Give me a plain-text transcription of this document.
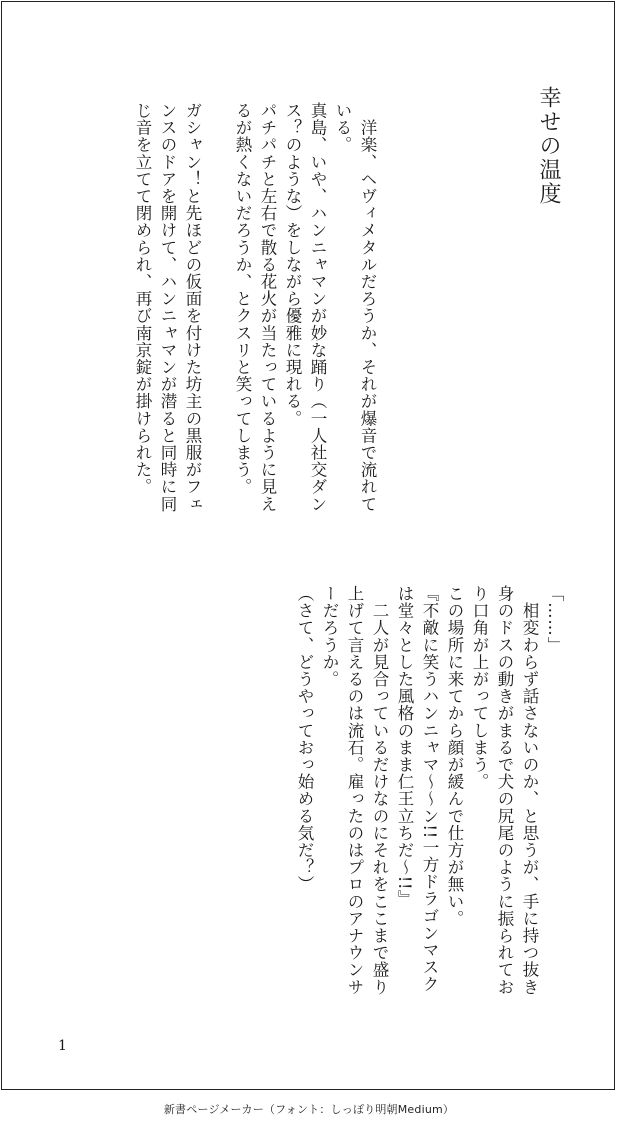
幸せの温度

　洋楽、ヘヴィメタルだろうか、それが爆音で流れている。

真島、いや、ハンニャマンが妙な踊り（一人社交ダンス？のような）をしながら優雅に現れる。

パチパチと左右で散る花火が当たっているように見えるが熱くないだろうか、とクスリと笑ってしまう。

ガシャン！と先ほどの仮面を付けた坊主の黒服がフェンスのドアを開けて、ハンニャマンが潜ると同時に同じ音を立てて閉められ、再び南京錠が掛けられた。

「……」

　相変わらず話さないのか、と思うが、手に持つ抜き身のドスの動きがまるで犬の尻尾のように振られており口角が上がってしまう。

この場所に来てから顔が緩んで仕方が無い。

『不敵に笑うハンニャマ〜〜ン!!一方ドラゴンマスクは堂々とした風格のまま仁王立ちだ〜!!』

　二人が見合っているだけなのにそれをここまで盛り上げて言えるのは流石。雇ったのはプロのアナウンサーだろうか。

（さて、どうやっておっ始める気だ？）

1
新書ページメーカー（フォント：しっぽり明朝Medium）
